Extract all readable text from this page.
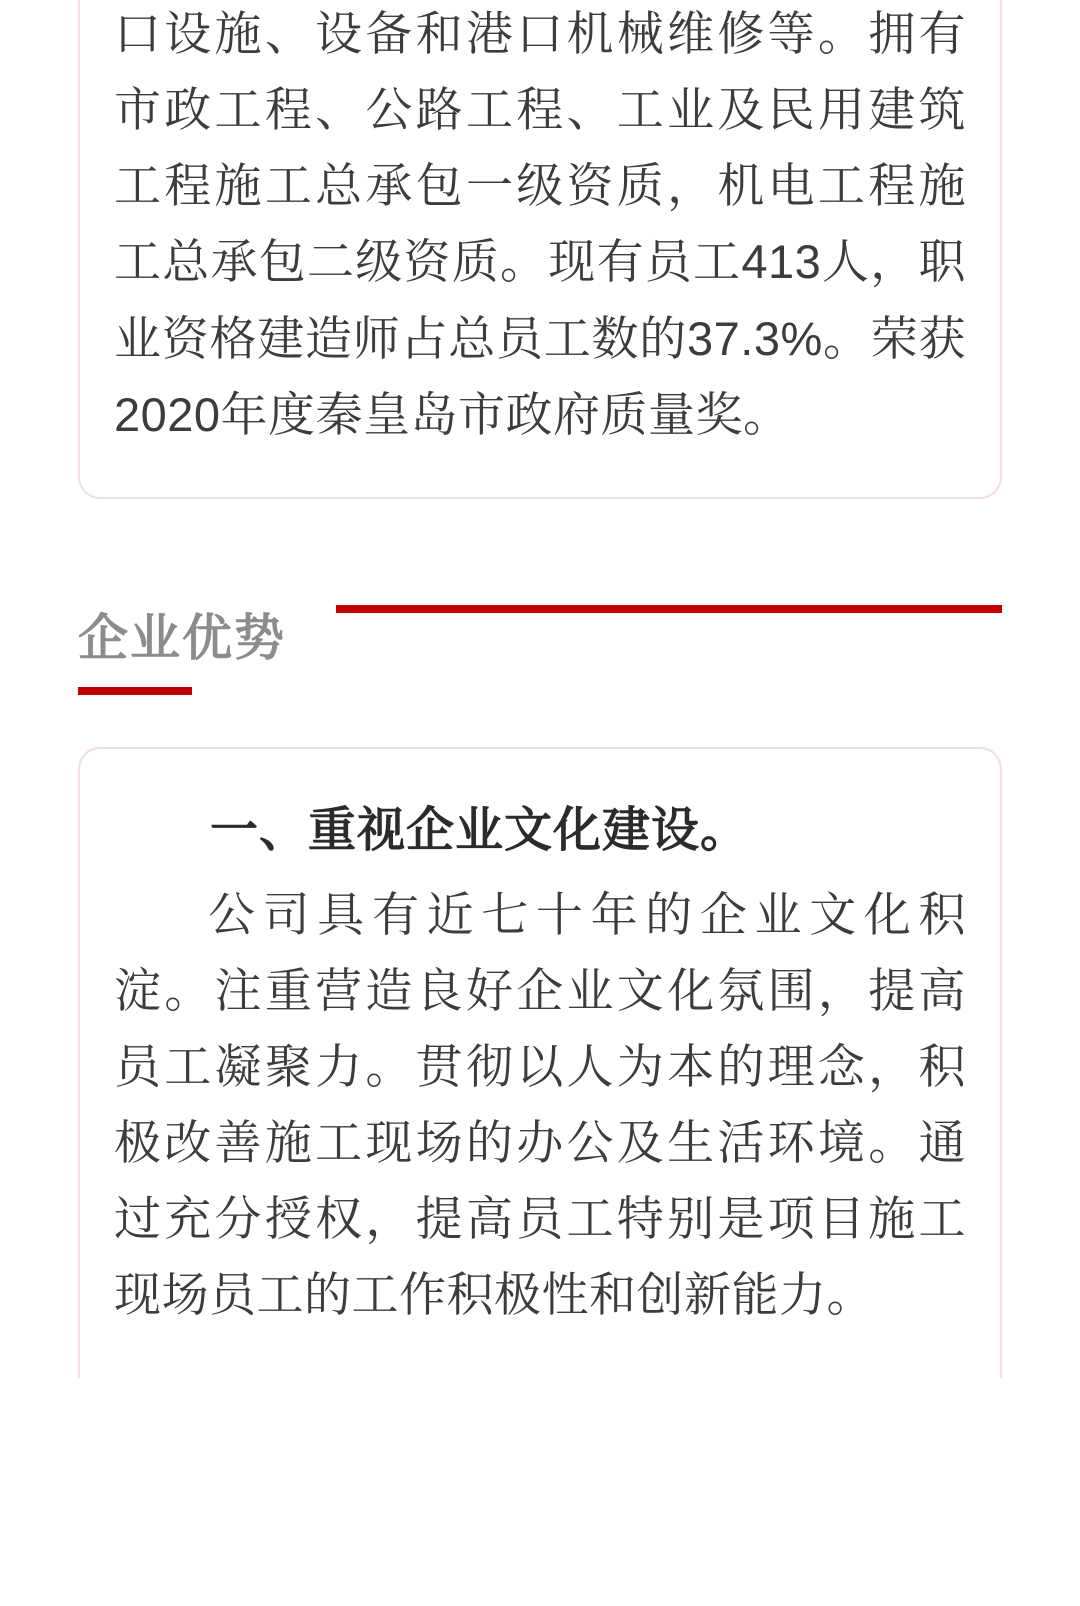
口设施、设备和港口机械维修等。拥有市政工程、公路工程、工业及民用建筑工程施工总承包一级资质，机电工程施工总承包二级资质。现有员工413人，职业资格建造师占总员工数的37.3%。荣获2020年度秦皇岛市政府质量奖。

企业优势

一、重视企业文化建设。

公司具有近七十年的企业文化积淀。注重营造良好企业文化氛围，提高员工凝聚力。贯彻以人为本的理念，积极改善施工现场的办公及生活环境。通过充分授权，提高员工特别是项目施工现场员工的工作积极性和创新能力。
